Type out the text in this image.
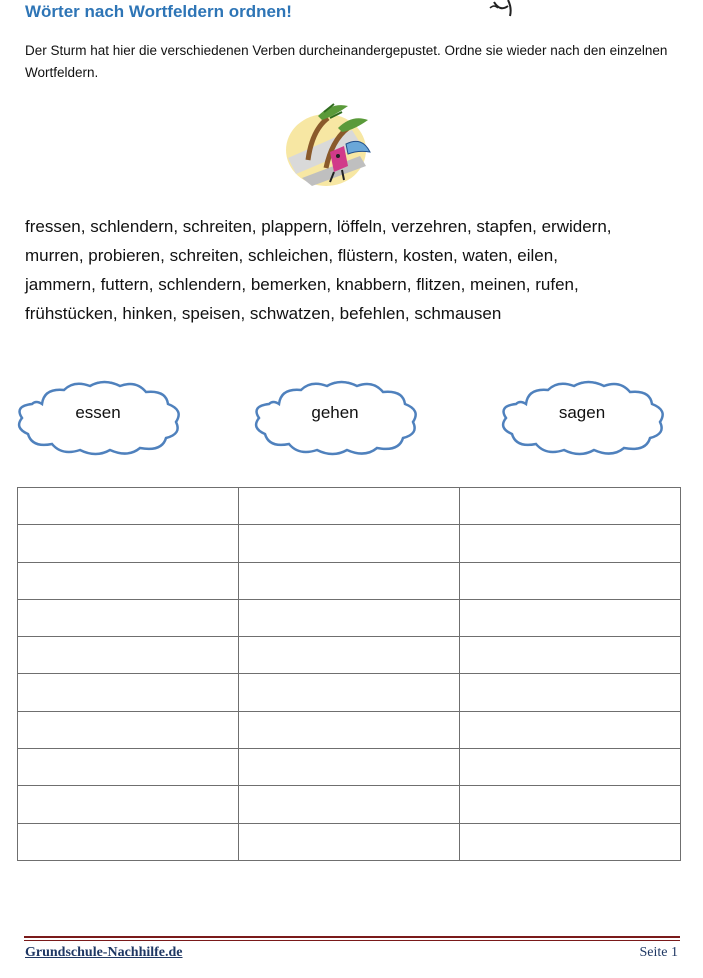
Wörter nach Wortfeldern ordnen!
Der Sturm hat hier die verschiedenen Verben durcheinandergepustet. Ordne sie wieder nach den einzelnen Wortfeldern.
fressen, schlendern, schreiten, plappern, löffeln, verzehren, stapfen, erwidern,
murren, probieren, schreiten, schleichen, flüstern, kosten, waten, eilen,
jammern, futtern, schlendern, bemerken, knabbern, flitzen, meinen, rufen,
frühstücken, hinken, speisen, schwatzen, befehlen, schmausen
essen	gehen	sagen

Grundschule-Nachhilfe.de	Seite 1
